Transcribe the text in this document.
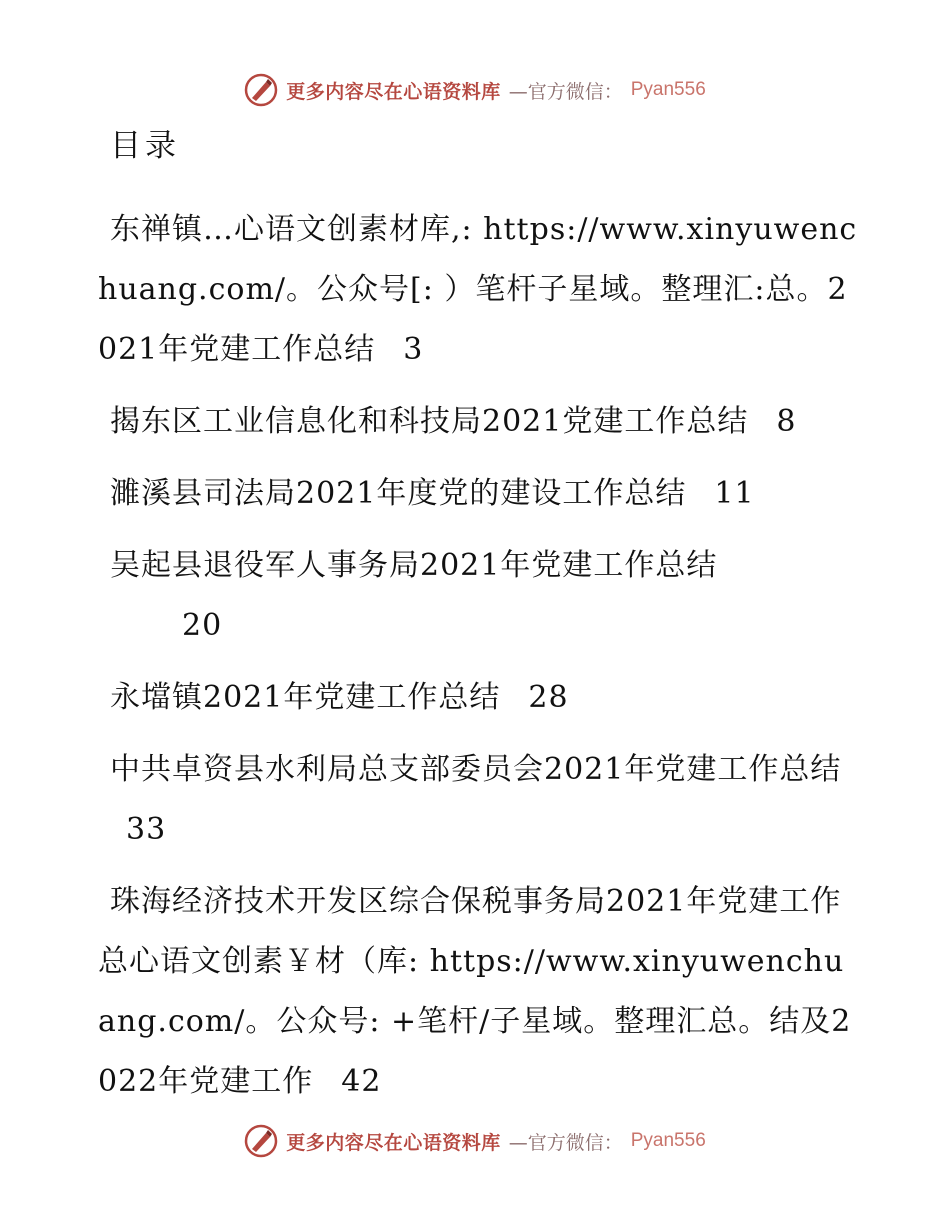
更多内容尽在心语资料库 —官方微信： Pyan556
目录
东禅镇…心语文创素材库,: https://www.xinyuwenchuang.com/。公众号[: ）笔杆子星域。整理汇:总。2021年党建工作总结 3
揭东区工业信息化和科技局2021党建工作总结 8
濉溪县司法局2021年度党的建设工作总结 11
吴起县退役军人事务局2021年党建工作总结
20
永壋镇2021年党建工作总结 28
中共卓资县水利局总支部委员会2021年党建工作总结33
珠海经济技术开发区综合保税事务局2021年党建工作总心语文创素￥材（库: https://www.xinyuwenchuang.com/。公众号: +笔杆/子星域。整理汇总。结及2022年党建工作 42
更多内容尽在心语资料库 —官方微信： Pyan556
